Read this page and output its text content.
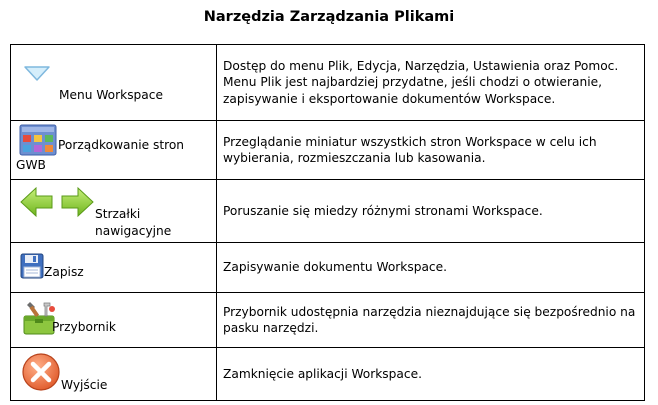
Narzędzia Zarządzania Plikami
Menu Workspace	Dostęp do menu Plik, Edycja, Narzędzia, Ustawienia oraz Pomoc. Menu Plik jest najbardziej przydatne, jeśli chodzi o otwieranie, zapisywanie i eksportowanie dokumentów Workspace.

Porządkowanie stron
GWB	Przeglądanie miniatur wszystkich stron Workspace w celu ich wybierania, rozmieszczania lub kasowania.

Strzałki
nawigacyjne	Poruszanie się miedzy różnymi stronami Workspace.

Zapisz	Zapisywanie dokumentu Workspace.

Przybornik	Przybornik udostępnia narzędzia nieznajdujące się bezpośrednio na pasku narzędzi.

Wyjście	Zamknięcie aplikacji Workspace.
